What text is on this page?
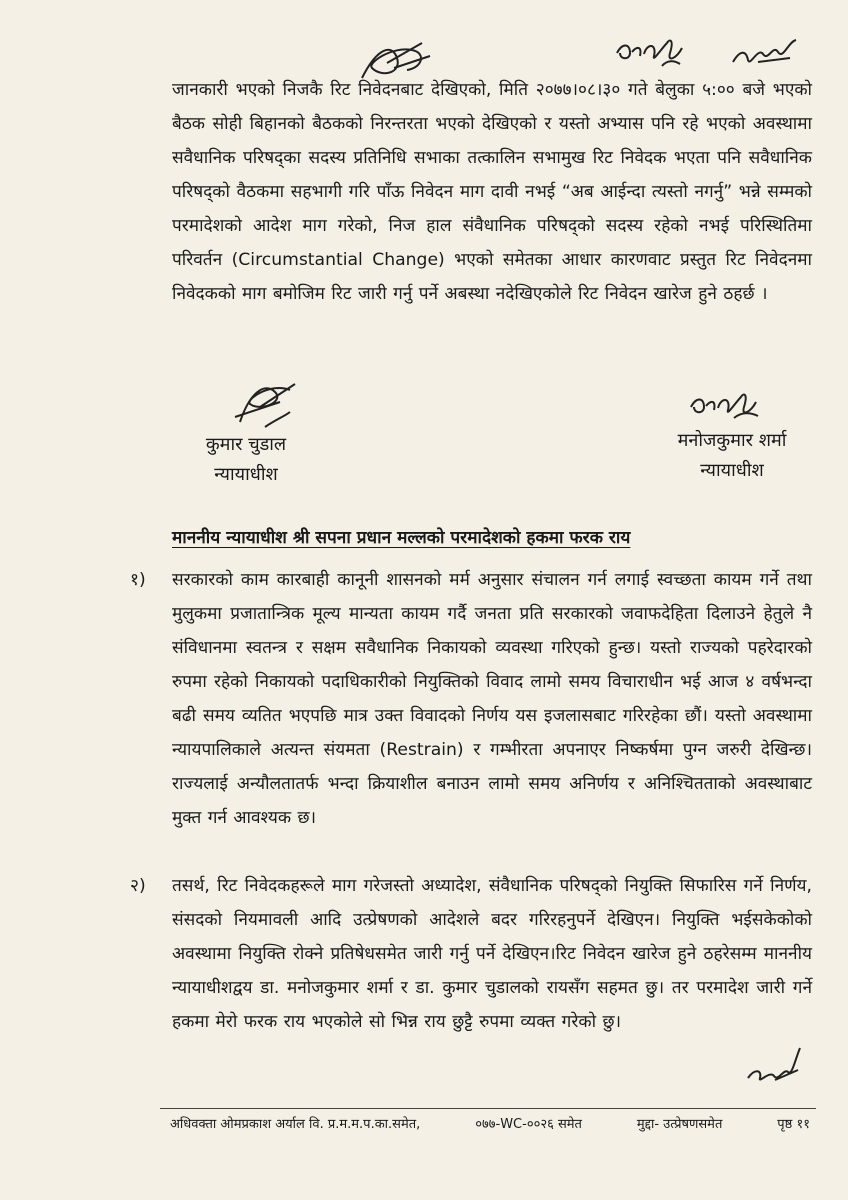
जानकारी भएको निजकै रिट निवेदनबाट देखिएको, मिति २०७७।०८।३० गते बेलुका ५:०० बजे भएको बैठक सोही बिहानको बैठकको निरन्तरता भएको देखिएको र यस्तो अभ्यास पनि रहे भएको अवस्थामा सवैधानिक परिषद्का सदस्य प्रतिनिधि सभाका तत्कालिन सभामुख रिट निवेदक भएता पनि सवैधानिक परिषद्को वैठकमा सहभागी गरि पाँऊ निवेदन माग दावी नभई “अब आईन्दा त्यस्तो नगर्नु” भन्ने सम्मको परमादेशको आदेश माग गरेको, निज हाल संवैधानिक परिषद्को सदस्य रहेको नभई परिस्थितिमा परिवर्तन (Circumstantial Change) भएको समेतका आधार कारणवाट प्रस्तुत रिट निवेदनमा निवेदकको माग बमोजिम रिट जारी गर्नु पर्ने अबस्था नदेखिएकोले रिट निवेदन खारेज हुने ठहर्छ ।

कुमार चुडाल
न्यायाधीश
मनोजकुमार शर्मा
न्यायाधीश
माननीय न्यायाधीश श्री सपना प्रधान मल्लको परमादेशको हकमा फरक राय
१) सरकारको काम कारबाही कानूनी शासनको मर्म अनुसार संचालन गर्न लगाई स्वच्छता कायम गर्ने तथा मुलुकमा प्रजातान्त्रिक मूल्य मान्यता कायम गर्दै जनता प्रति सरकारको जवाफदेहिता दिलाउने हेतुले नै संविधानमा स्वतन्त्र र सक्षम सवैधानिक निकायको व्यवस्था गरिएको हुन्छ। यस्तो राज्यको पहरेदारको रुपमा रहेको निकायको पदाधिकारीको नियुक्तिको विवाद लामो समय विचाराधीन भई आज ४ वर्षभन्दा बढी समय व्यतित भएपछि मात्र उक्त विवादको निर्णय यस इजलासबाट गरिरहेका छौं। यस्तो अवस्थामा न्यायपालिकाले अत्यन्त संयमता (Restrain) र गम्भीरता अपनाएर निष्कर्षमा पुग्न जरुरी देखिन्छ। राज्यलाई अन्यौलतातर्फ भन्दा क्रियाशील बनाउन लामो समय अनिर्णय र अनिश्चितताको अवस्थाबाट मुक्त गर्न आवश्यक छ।

२) तसर्थ, रिट निवेदकहरूले माग गरेजस्तो अध्यादेश, संवैधानिक परिषद्को नियुक्ति सिफारिस गर्ने निर्णय, संसदको नियमावली आदि उत्प्रेषणको आदेशले बदर गरिरहनुपर्ने देखिएन। नियुक्ति भईसकेकोको अवस्थामा नियुक्ति रोक्ने प्रतिषेधसमेत जारी गर्नु पर्ने देखिएन।रिट निवेदन खारेज हुने ठहरेसम्म माननीय न्यायाधीशद्वय डा. मनोजकुमार शर्मा र डा. कुमार चुडालको रायसँग सहमत छु। तर परमादेश जारी गर्ने हकमा मेरो फरक राय भएकोले सो भिन्न राय छुट्टै रुपमा व्यक्त गरेको छु।

अधिवक्ता ओमप्रकाश अर्याल वि. प्र.म.म.प.का.समेत,	०७७-WC-००२६ समेत	मुद्दा- उत्प्रेषणसमेत	पृष्ठ ११
